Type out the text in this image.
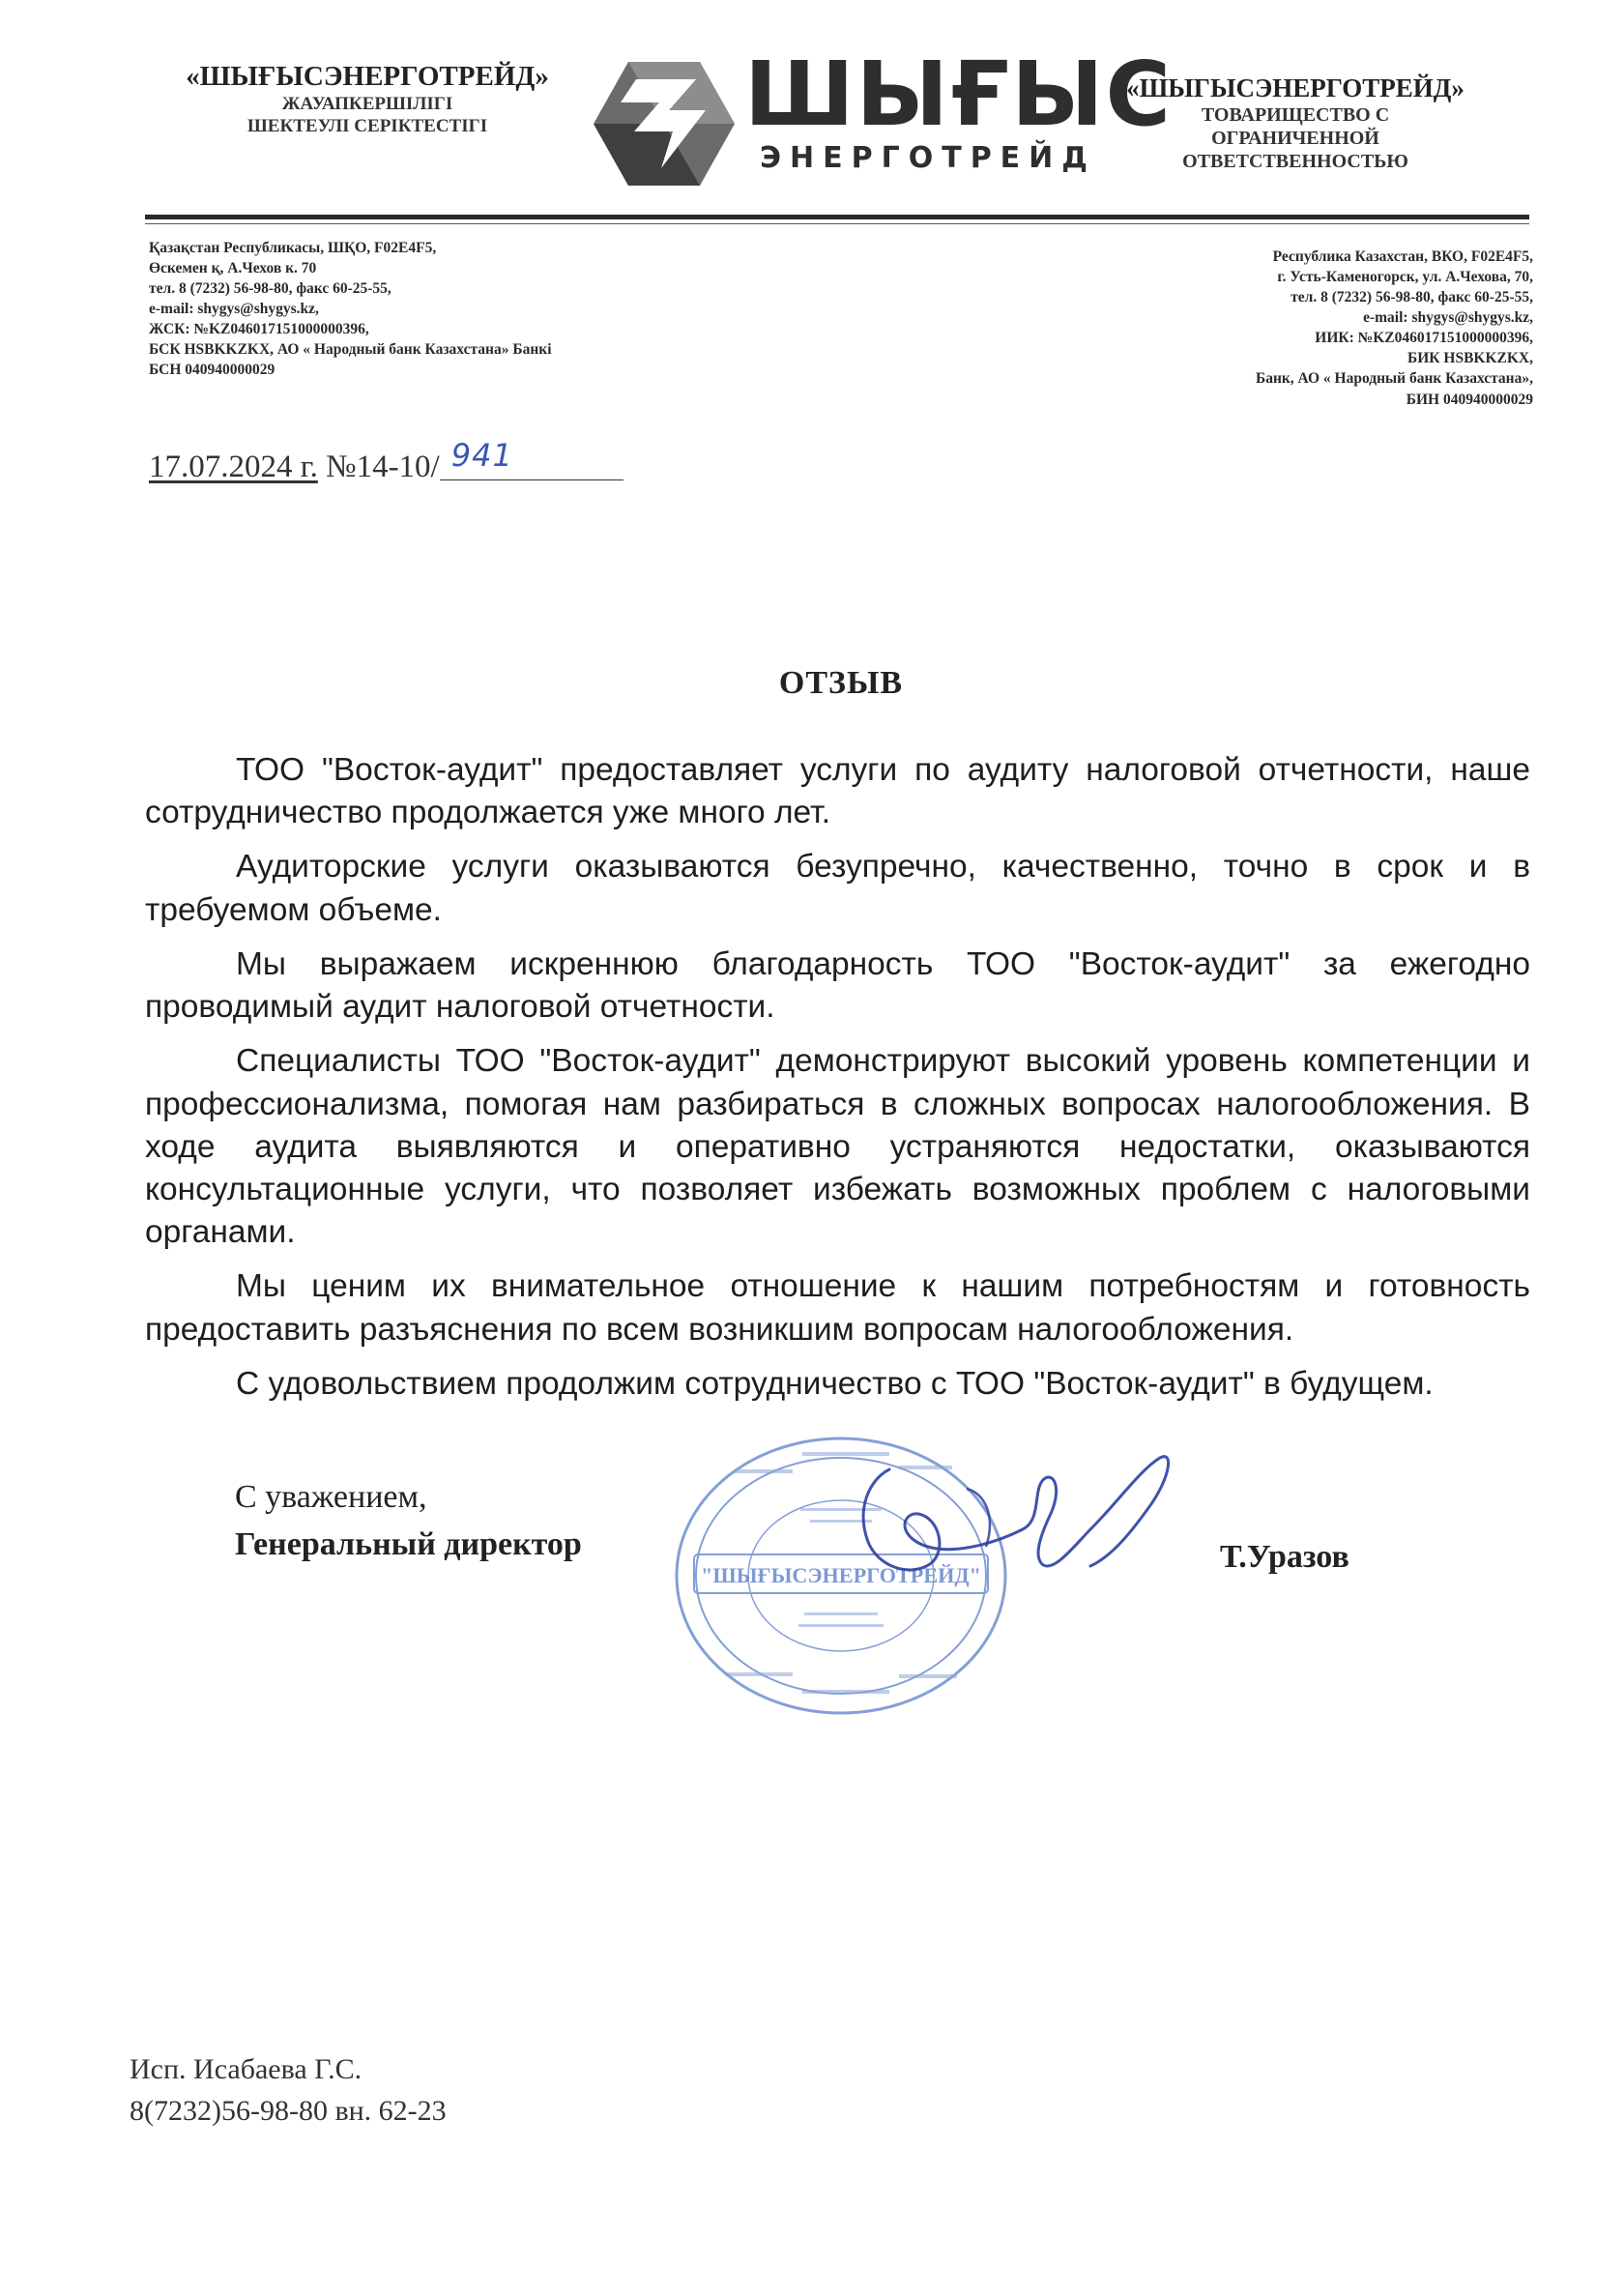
«ШЫҒЫСЭНЕРГОТРЕЙД»
ЖАУАПКЕРШІЛІГІ
ШЕКТЕУЛІ СЕРІКТЕСТІГІ	ШЫҒЫС
ЭНЕРГОТРЕЙД
«ШЫГЫСЭНЕРГОТРЕЙД»
ТОВАРИЩЕСТВО С
ОГРАНИЧЕННОЙ
ОТВЕТСТВЕННОСТЬЮ
Қазақстан Республикасы, ШҚО, F02E4F5,
Өскемен қ, А.Чехов к. 70
тел. 8 (7232) 56-98-80, факс 60-25-55,
e-mail: shygys@shygys.kz,
ЖСК: №KZ046017151000000396,
БСК HSBKKZKX, АО « Народный банк Казахстана» Банкі
БСН 040940000029
Республика Казахстан, ВКО, F02E4F5,
г. Усть-Каменогорск, ул. А.Чехова, 70,
тел. 8 (7232) 56-98-80, факс 60-25-55,
e-mail: shygys@shygys.kz,
ИИК: №KZ046017151000000396,
БИК HSBKKZKX,
Банк, АО « Народный банк Казахстана»,
БИН 040940000029
17.07.2024 г. №14-10/ 941
ОТЗЫВ

ТОО "Восток-аудит" предоставляет услуги по аудиту налоговой отчетности, наше сотрудничество продолжается уже много лет.

Аудиторские услуги оказываются безупречно, качественно, точно в срок и в требуемом объеме.

Мы выражаем искреннюю благодарность ТОО "Восток-аудит" за ежегодно проводимый аудит налоговой отчетности.

Специалисты ТОО "Восток-аудит" демонстрируют высокий уровень компетенции и профессионализма, помогая нам разбираться в сложных вопросах налогообложения. В ходе аудита выявляются и оперативно устраняются недостатки, оказываются консультационные услуги, что позволяет избежать возможных проблем с налоговыми органами.

Мы ценим их внимательное отношение к нашим потребностям и готовность предоставить разъяснения по всем возникшим вопросам налогообложения.

С удовольствием продолжим сотрудничество с ТОО "Восток-аудит" в будущем.

С уважением,
Генеральный директор	Т.Уразов
"ШЫҒЫСЭНЕРГОТРЕЙД"
Исп. Исабаева Г.С.
8(7232)56-98-80 вн. 62-23
